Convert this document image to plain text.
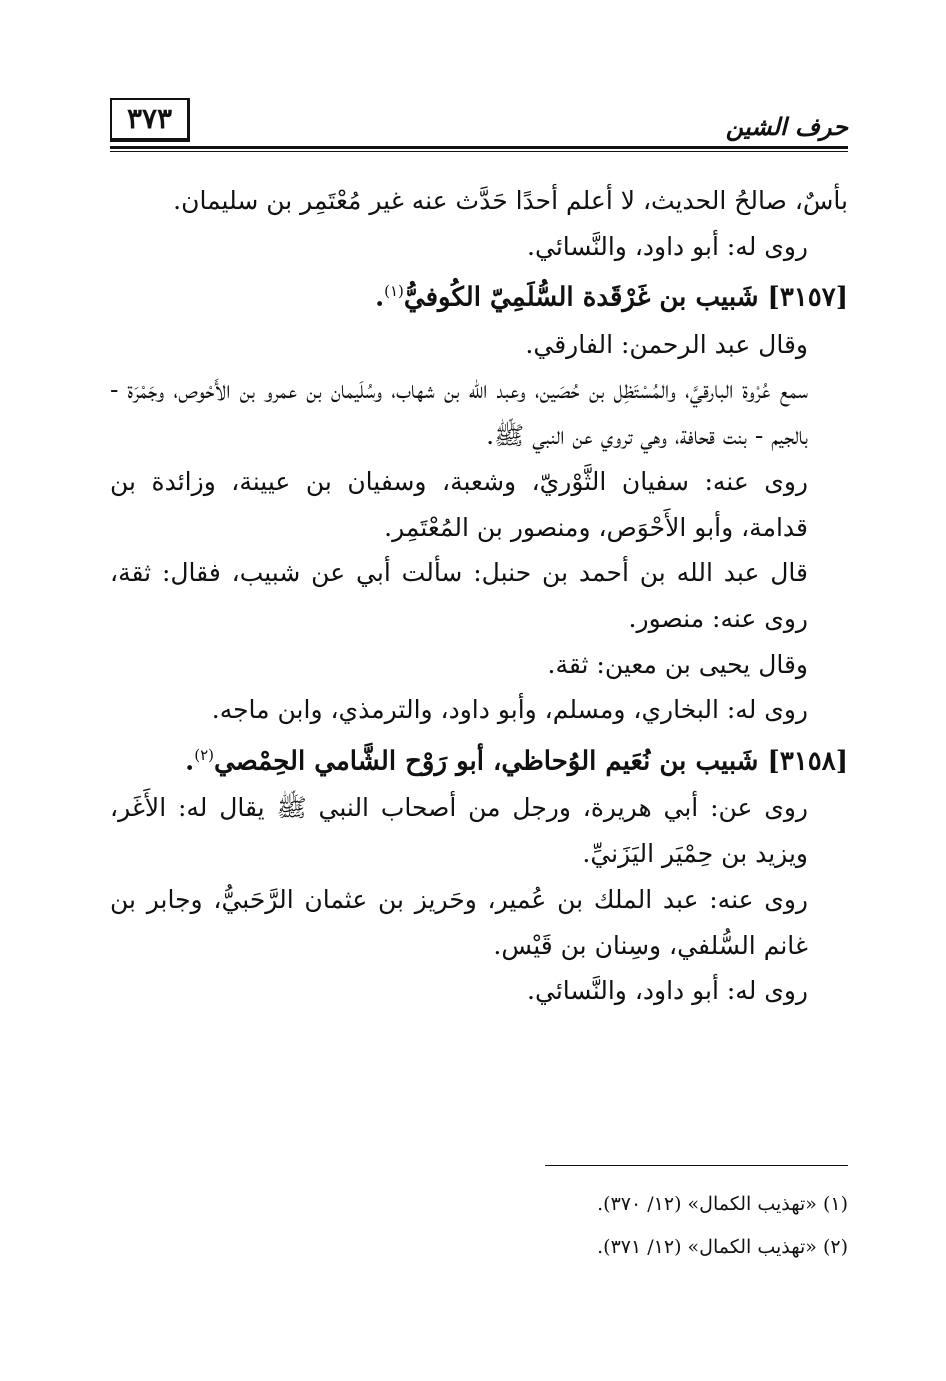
٣٧٣	حرف الشين

بأسٌ، صالحُ الحديث، لا أعلم أحدًا حَدَّث عنه غير مُعْتَمِر بن سليمان.

روى له: أبو داود، والنَّسائي.

[٣١٥٧] شَبيب بن غَرْقَدة السُّلَمِيّ الكُوفيُّ$^{(١)}$.

وقال عبد الرحمن: الفارقي.

سمع عُرْوة البارقيَّ، والمُسْتَظِل بن حُصَين، وعبد الله بن شهاب، وسُلَيمان بن عمرو بن الأَحْوص، وجَمْرَة - بالجيم - بنت قحافة، وهي تروي عن النبي ﷺ.

روى عنه: سفيان الثَّوْريّ، وشعبة، وسفيان بن عيينة، وزائدة بن قدامة، وأبو الأَحْوَص، ومنصور بن المُعْتَمِر.

قال عبد الله بن أحمد بن حنبل: سألت أبي عن شبيب، فقال: ثقة، روى عنه: منصور.

وقال يحيى بن معين: ثقة.

روى له: البخاري، ومسلم، وأبو داود، والترمذي، وابن ماجه.

[٣١٥٨] شَبيب بن نُعَيم الوُحاظي، أبو رَوْح الشَّامي الحِمْصي$^{(٢)}$.

روى عن: أبي هريرة، ورجل من أصحاب النبي ﷺ يقال له: الأَغَر، ويزيد بن حِمْيَر اليَزَنيِّ.

روى عنه: عبد الملك بن عُمير، وحَريز بن عثمان الرَّحَبيُّ، وجابر بن غانم السُّلفي، وسِنان بن قَيْس.

روى له: أبو داود، والنَّسائي.

(١) «تهذيب الكمال» (١٢/ ٣٧٠).

(٢) «تهذيب الكمال» (١٢/ ٣٧١).
